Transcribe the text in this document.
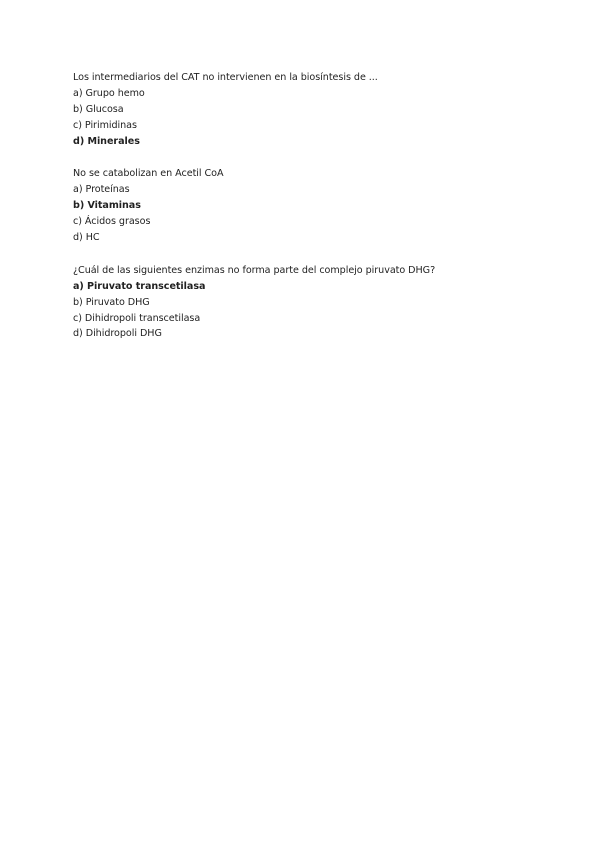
Los intermediarios del CAT no intervienen en la biosíntesis de ...
a) Grupo hemo
b) Glucosa
c) Pirimidinas
d) Minerales
No se catabolizan en Acetil CoA
a) Proteínas
b) Vitaminas
c) Ácidos grasos
d) HC
¿Cuál de las siguientes enzimas no forma parte del complejo piruvato DHG?
a) Piruvato transcetilasa
b) Piruvato DHG
c) Dihidropoli transcetilasa
d) Dihidropoli DHG
